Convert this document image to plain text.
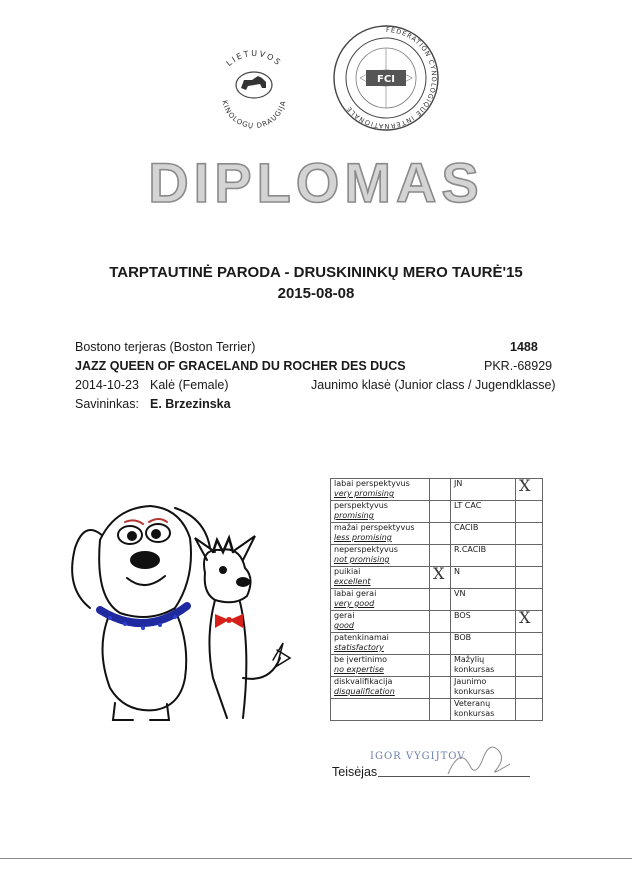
LIETUVOS
KINOLOGŲ DRAUGIJA
FEDERATION CYNOLOGIQUE INTERNATIONALE
FCI
DIPLOMAS
TARPTAUTINĖ PARODA - DRUSKININKŲ MERO TAURĖ'15
2015-08-08
Bostono terjeras (Boston Terrier)	1488
JAZZ QUEEN OF GRACELAND DU ROCHER DES DUCS	PKR.-68929
2014-10-23 Kalė (Female)	Jaunimo klasė (Junior class / Jugendklasse)
Savininkas: E. Brzezinska
labai perspektyvus
very promising		JN	X

perspektyvus
promising		LT CAC	

mažai perspektyvus
less promising		CACIB	

neperspektyvus
not promising		R.CACIB	

puikiai
excellent	X	N	

labai gerai
very good		VN	

gerai
good		BOS	X

patenkinamai
statisfactory		BOB	

be įvertinimo
no expertise		Mažylių konkursas	

diskvalifikacija
disqualification		Jaunimo konkursas	

		Veteranų konkursas	
IGOR VYGIJTOV
Teisėjas
